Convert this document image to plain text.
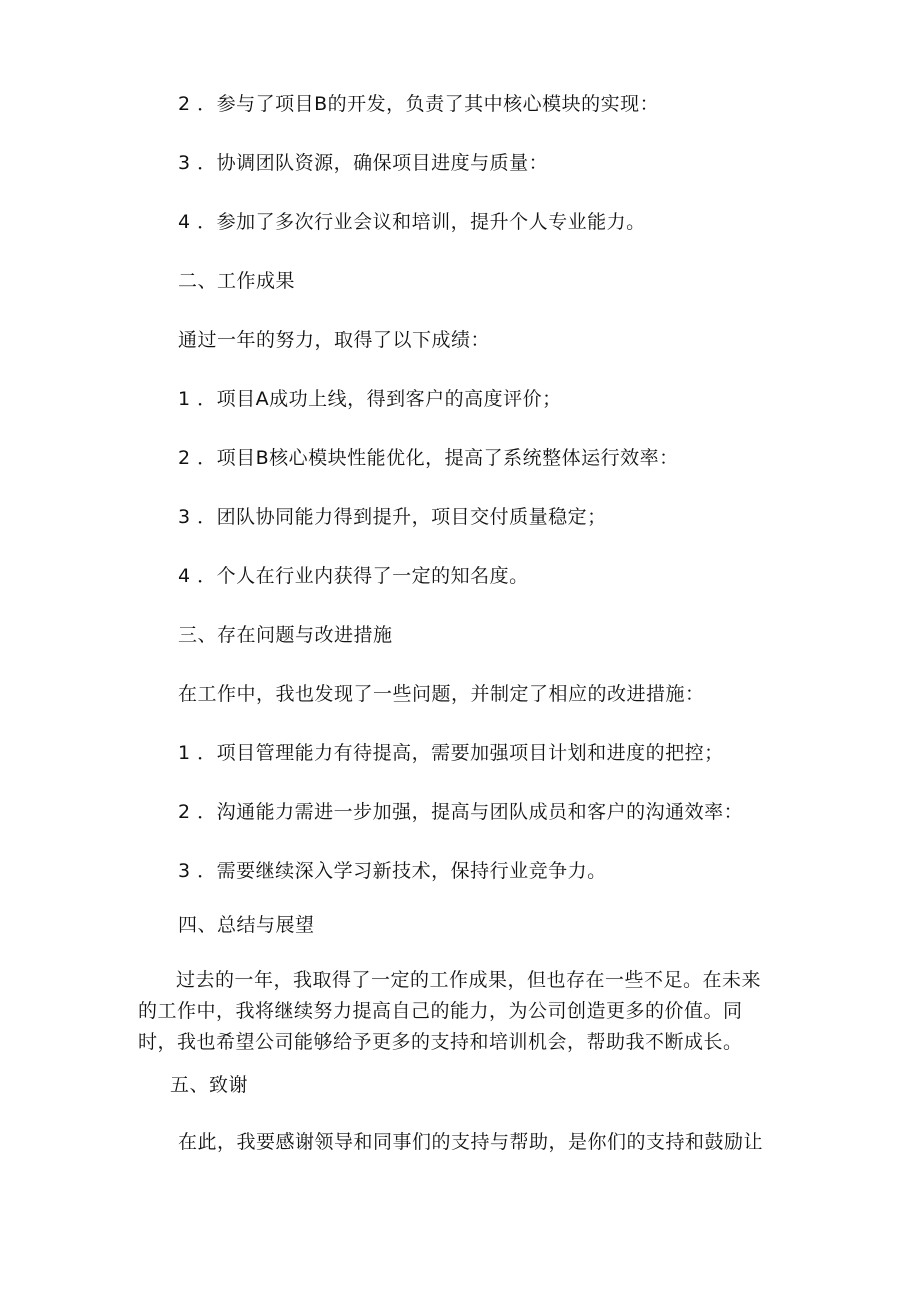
2 ．参与了项目B的开发，负责了其中核心模块的实现：
3 ．协调团队资源，确保项目进度与质量：
4 ．参加了多次行业会议和培训，提升个人专业能力。
二、工作成果
通过一年的努力，取得了以下成绩：
1 ．项目A成功上线，得到客户的高度评价；
2 ．项目B核心模块性能优化，提高了系统整体运行效率：
3 ．团队协同能力得到提升，项目交付质量稳定；
4 ．个人在行业内获得了一定的知名度。
三、存在问题与改进措施
在工作中，我也发现了一些问题，并制定了相应的改进措施：
1 ．项目管理能力有待提高，需要加强项目计划和进度的把控；
2 ．沟通能力需进一步加强，提高与团队成员和客户的沟通效率：
3 ．需要继续深入学习新技术，保持行业竞争力。
四、总结与展望
过去的一年，我取得了一定的工作成果，但也存在一些不足。在未来
的工作中，我将继续努力提高自己的能力，为公司创造更多的价值。同
时，我也希望公司能够给予更多的支持和培训机会，帮助我不断成长。
五、致谢
在此，我要感谢领导和同事们的支持与帮助，是你们的支持和鼓励让
